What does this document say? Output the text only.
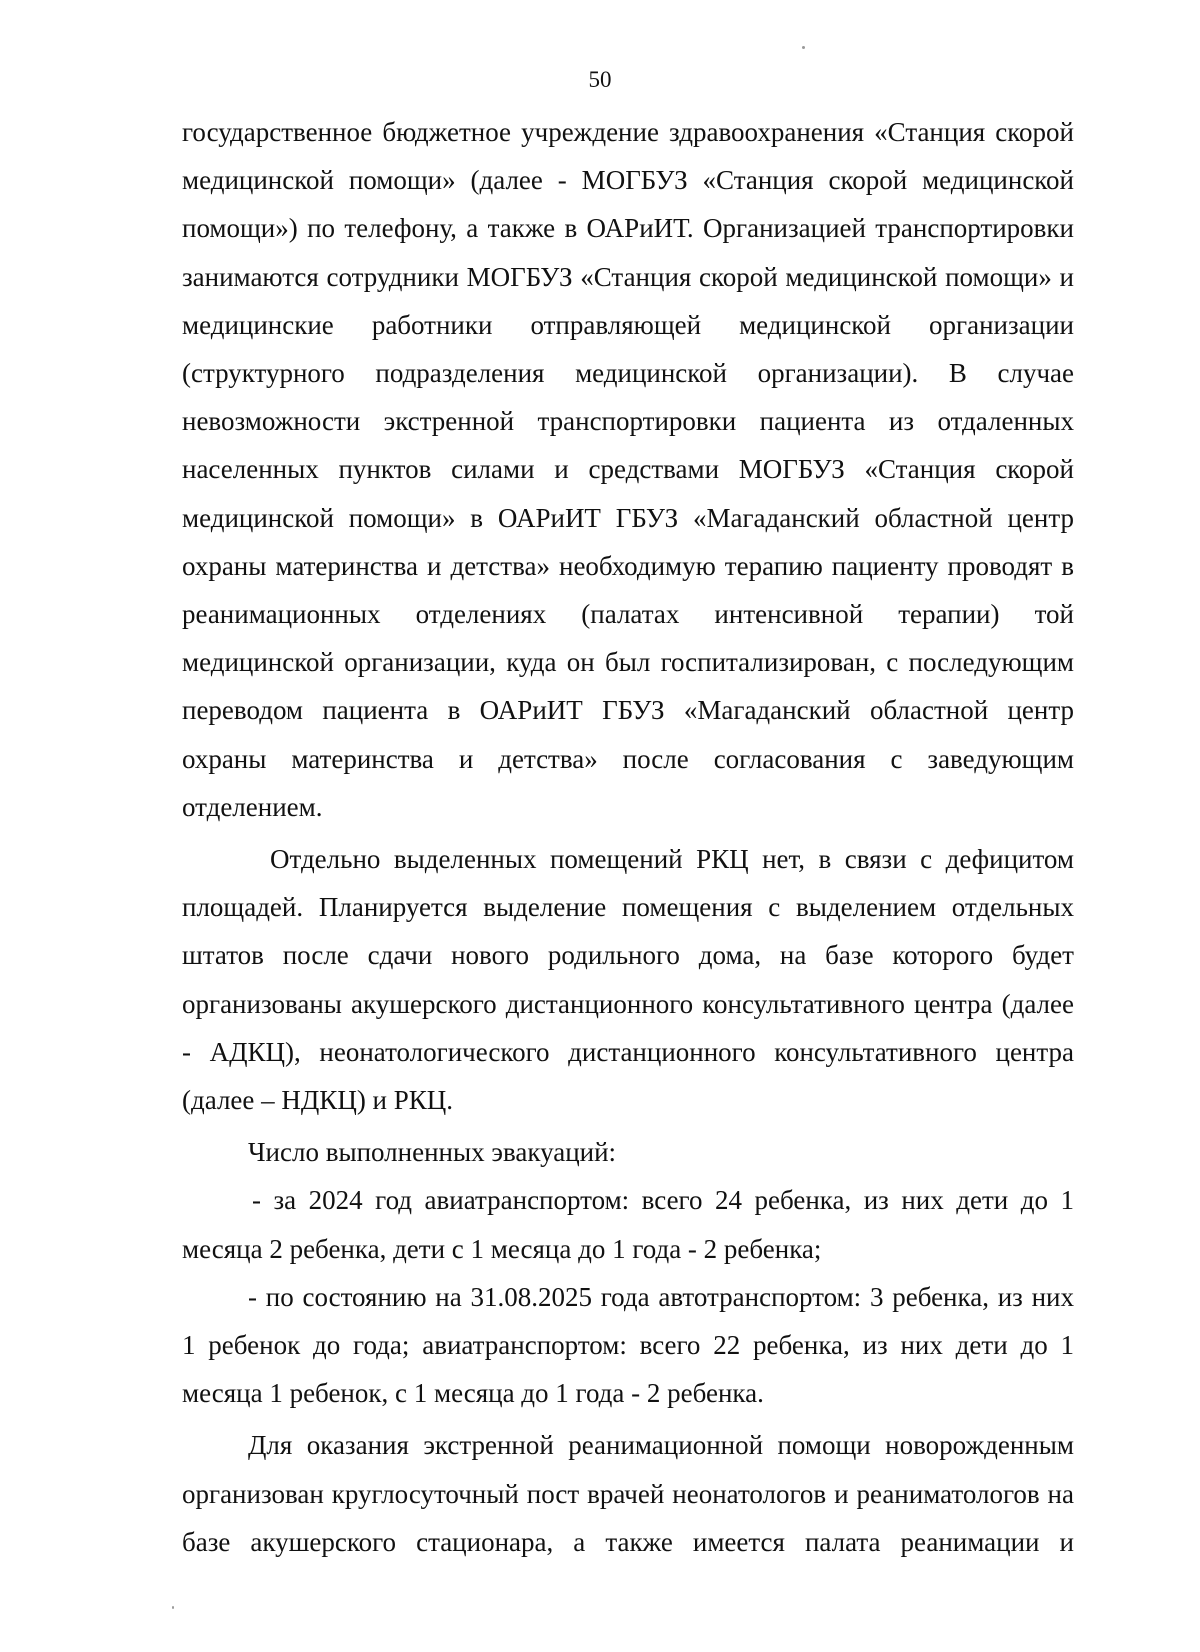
50

государственное бюджетное учреждение здравоохранения «Станция скорой медицинской помощи» (далее - МОГБУЗ «Станция скорой медицинской помощи») по телефону, а также в ОАРиИТ. Организацией транспортировки занимаются сотрудники МОГБУЗ «Станция скорой медицинской помощи» и медицинские работники отправляющей медицинской организации (структурного подразделения медицинской организации). В случае невозможности экстренной транспортировки пациента из отдаленных населенных пунктов силами и средствами МОГБУЗ «Станция скорой медицинской помощи» в ОАРиИТ ГБУЗ «Магаданский областной центр охраны материнства и детства» необходимую терапию пациенту проводят в реанимационных отделениях (палатах интенсивной терапии) той медицинской организации, куда он был госпитализирован, с последующим переводом пациента в ОАРиИТ ГБУЗ «Магаданский областной центр охраны материнства и детства» после согласования с заведующим отделением.

Отдельно выделенных помещений РКЦ нет, в связи с дефицитом площадей. Планируется выделение помещения с выделением отдельных штатов после сдачи нового родильного дома, на базе которого будет организованы акушерского дистанционного консультативного центра (далее - АДКЦ), неонатологического дистанционного консультативного центра (далее – НДКЦ) и РКЦ.

Число выполненных эвакуаций:

- за 2024 год авиатранспортом: всего 24 ребенка, из них дети до 1 месяца 2 ребенка, дети с 1 месяца до 1 года - 2 ребенка;

- по состоянию на 31.08.2025 года автотранспортом: 3 ребенка, из них 1 ребенок до года; авиатранспортом: всего 22 ребенка, из них дети до 1 месяца 1 ребенок, с 1 месяца до 1 года - 2 ребенка.

Для оказания экстренной реанимационной помощи новорожденным организован круглосуточный пост врачей неонатологов и реаниматологов на базе акушерского стационара, а также имеется палата реанимации и
